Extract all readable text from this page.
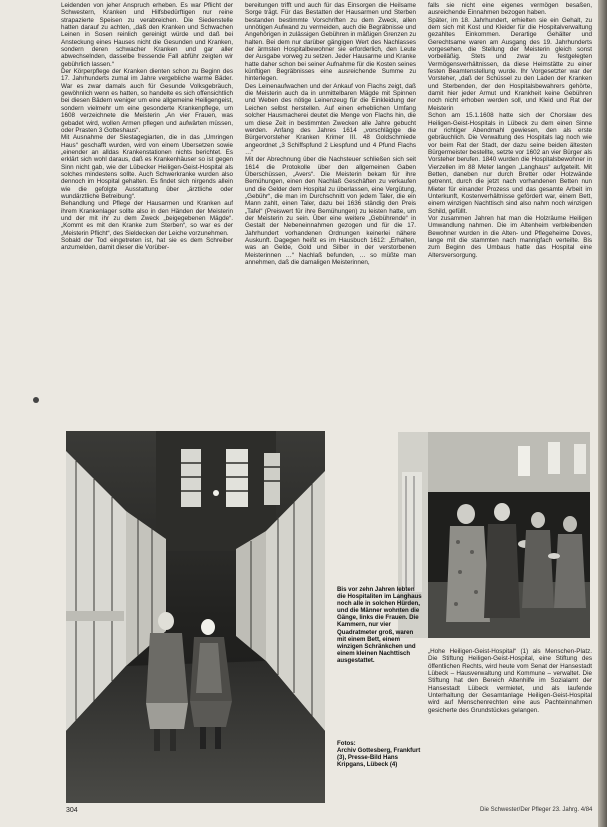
Leidenden von jeher Anspruch erheben. Es war Pflicht der Schwestern, Kranken und Hilfsbedürftigen nur reine strapazierte Speisen zu verabreichen. Die Siedenstelle hatten darauf zu achten, „daß den Kranken und Schwachen Leinen in Sosen reinlich gereinigt würde und daß bei Ansteckung eines Hauses nicht die Gesunden und Kranken, sondern deren schwacher Kranken und gar aller abwechselnden, dasselbe fressende Fall abführ zeigten wir gebührlich lassen.“

Der Körperpflege der Kranken dienten schon zu Beginn des 17. Jahrhunderts zumal im Jahre vergebliche warme Bäder. War es zwar damals auch für Gesunde Volksgebräuch, gewöhnlich wenn es hatten, so handelte es sich offensichtlich bei diesen Bädern weniger um eine allgemeine Heiligengeist, sondern vielmehr um eine gesonderte Krankenpflege, um 1608 verzeichnete die Meisterin „An vier Frauen, was gebadet wird, wollen Armen pflegen und aufwärten müssen, oder Prasten 3 Gotteshaus“.

Mit Ausnahme der Siestagegiarten, die in das „Umringen Haus“ geschafft wurden, wird von einem Ubersetzen sowie „einender an alldas Krankenstationen nichts berichtet. Es erklärt sich wohl daraus, daß es Krankenhäuser so ist gegen Sinn nicht gab, wie der Lübecker Heiligen-Geist-Hospital als solches mindestens sollte. Auch Schwerkranke wurden also dennoch im Hospital gehalten. Es findet sich nirgends allein wie die gefolgte Ausstattung über „ärztliche oder wundärztliche Betreibung“.

Behandlung und Pflege der Hausarmen und Kranken auf ihrem Krankenlager sollte also in den Händen der Meisterin und der mit ihr zu dem Zweck „beigegebenen Mägde“. „Kommt es mit den Kranke zum Sterben“, so war es der „Meisterin Pflicht“, des Sieldecken der Leiche vorzunehmen.

Sobald der Tod eingetreten ist, hat sie es dem Schreiber anzumelden, damit dieser die Vorüber-

bereitungen trifft und auch für das Einsorgen die Heilsame Sorge trägt. Für das Bestatten der Hausarmen und Sterben bestanden bestimmte Vorschriften zu dem Zweck, allen unnötigen Aufwand zu vermeiden, auch die Begräbnisse und Angehörigen in zulässigen Gebühren in mäßigen Grenzen zu halten. Bei dem nur darüber gängigen Wert des Nachlasses der ärmsten Hospitalbewohner sie erforderlich, den Leute der Ausgabe vorweg zu setzen. Jeder Hausarme und Kranke hatte daher schon bei seiner Aufnahme für die Kosten seines künftigen Begräbnisses eine ausreichende Summe zu hinterlegen.

Des Leinenaufwachen und der Ankauf von Flachs zeigt, daß die Meisterin auch da in unmittelbaren Mägde mit Spinnen und Weben des nötige Leinenzeug für die Einkleidung der Leichen selbst herstellen. Auf einen erheblichen Umfang solcher Hausmacherei deutet die Menge von Flachs hin, die um diese Zeit in bestimmten Zwecken alle Jahre gebucht werden. Anfang des Jahres 1614 „vorschlägige die Bürgervorsteher Kranken Krimer III. 48 Goldschmiede angeordnet „3 Schiffspfund 2 Liespfund und 4 Pfund Flachs …“

Mit der Abrechnung über die Nachsteuer schließen sich seit 1614 die Protokolle über den allgemeinen Gaben Überschüssen, „Avers“. Die Meisterin bekam für ihre Bemühungen, einen den Nachlaß Geschäften zu verkaufen und die Gelder dem Hospital zu überlassen, eine Vergütung, „Gebühr“, die man im Durchschnitt von jedem Taler, die ein Mann zahlt, einen Taler, dazu bei 1636 ständig den Preis „Tafel“ (Preiswert für ihre Bemühungen) zu leisten hatte, um der Meisterin zu sein. Über eine weitere „Gebührende“ in Gestalt der Nebeneinnahmen gezogen und für die 17. Jahrhundert vorhandenen Ordnungen keinerlei nähere Auskunft. Dagegen heißt es im Hausbuch 1612: „Erhalten, was an Gelde, Gold und Silber in der verstorbenen Meisterinnen …“ Nachlaß befunden, … so müßte man annehmen, daß die damaligen Meisterinnen,

falls sie nicht eine eigenes vermögen besaßen, ausreichende Einnahmen bezogen haben.

Später, im 18. Jahrhundert, erhielten sie ein Gehalt, zu dem sich mit Kost und Kleider für die Hospitalverwaltung gezahltes Einkommen. Derartige Gehälter und Gerechtsame waren am Ausgang des 19. Jahrhunderts vorgesehen, die Stellung der Meisterin gleich sonst vorbeiläßig. Stets und zwar zu festgelegten Vermögensverhältnissen, da diese Heimstätte zu einer festen Beamtenstellung wurde. Ihr Vorgesetzter war der Vorsteher, „daß der Schüssel zu den Laden der Kranken und Sterbenden, der den Hospitalsbewahrers gehörte, damit hier jeder Armut und Krankheit keine Gebühren noch nicht erhoben werden soll, und Kleid und Rat der Meisterin

Schon am 15.1.1608 hatte sich der Chorslaw des Heiligen-Geist-Hospitals in Lübeck zu dem einen Sinne nur richtiger Abendmahl gewiesen, den als erste gebräuchlich. Die Verwaltung des Hospitals lag noch wie vor beim Rat der Stadt, der dazu seine beiden ältesten Bürgermeister bestellte, setzte vor 1602 an vier Bürger als Vorsteher berufen. 1840 wurden die Hospitalsbewohner in Vierzellen im 88 Meter langen „Langhaus“ aufgeteilt. Mit Betten, daneben nur durch Bretter oder Holzwände getrennt, durch die jetzt nach vorhandenen Betten nun Mieter für einander Prozess und das gesamte Arbeit im Unterkunft, Kostenverhältnisse gefördert war, einem Bett, einem winzigen Nachttisch sind also nahm noch winzigen Schild, gefüllt.

Vor zusammen Jahren hat man die Holzräume Heiligen Umwandlung nahmen. Die im Altenheim verbleibenden Bewohner wurden in die Alten- und Pflegeheime Doves, lange mit die stammten nach mannigfach verteilte. Bis zum Beginn des Umbaus hatte das Hospital eine Altersversorgung.

Bis vor zehn Jahren lebten die Hospitaliten im Langhaus noch alle in solchen Hürden, und die Männer wohnten die Gänge, links die Frauen. Die Kammern, nur vier Quadratmeter groß, waren mit einem Bett, einem winzigen Schränkchen und einem kleinen Nachttisch ausgestattet.
Fotos:
Archiv Gottesberg, Frankfurt (3), Presse-Bild Hans Kripgans, Lübeck (4)

„Hohe Heiligen-Geist-Hospital“ (1) als Menschen-Platz. Die Stiftung Heiligen-Geist-Hospital, eine Stiftung des öffentlichen Rechts, wird heute vom Senat der Hansestadt Lübeck – Hausverwaltung und Kommune – verwaltet. Die Stiftung hat den Bereich Altenhilfe im Sozialamt der Hansestadt Lübeck vermietet, und als laufende Unterhaltung der Gesamtanlage Heiligen-Geist-Hospital wird auf Menschenrechten eine aus Pachteinnahmen gesicherte des Grundstückes gelangen.

304	Die Schwester/Der Pfleger 23. Jahrg. 4/84
